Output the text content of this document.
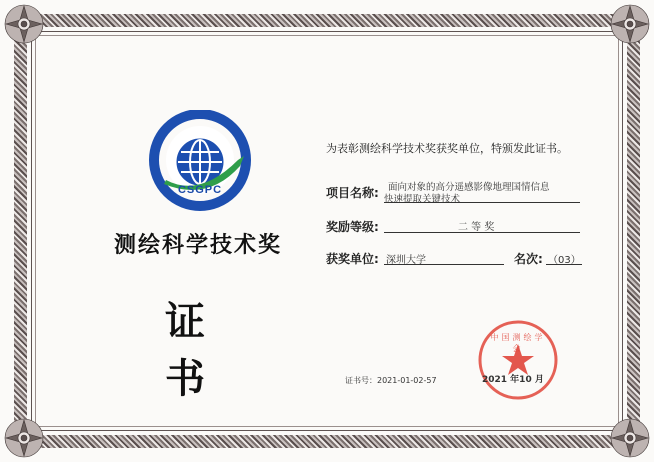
CSGPC
测绘科学技术奖
证 书
为表彰测绘科学技术奖获奖单位，特颁发此证书。
项目名称: 面向对象的高分遥感影像地理国情信息
快速提取关键技术
奖励等级:	二 等 奖
获奖单位: 深圳大学	名次: （03）
中国测绘学会
证书号：2021-01-02-57	2021 年10 月
